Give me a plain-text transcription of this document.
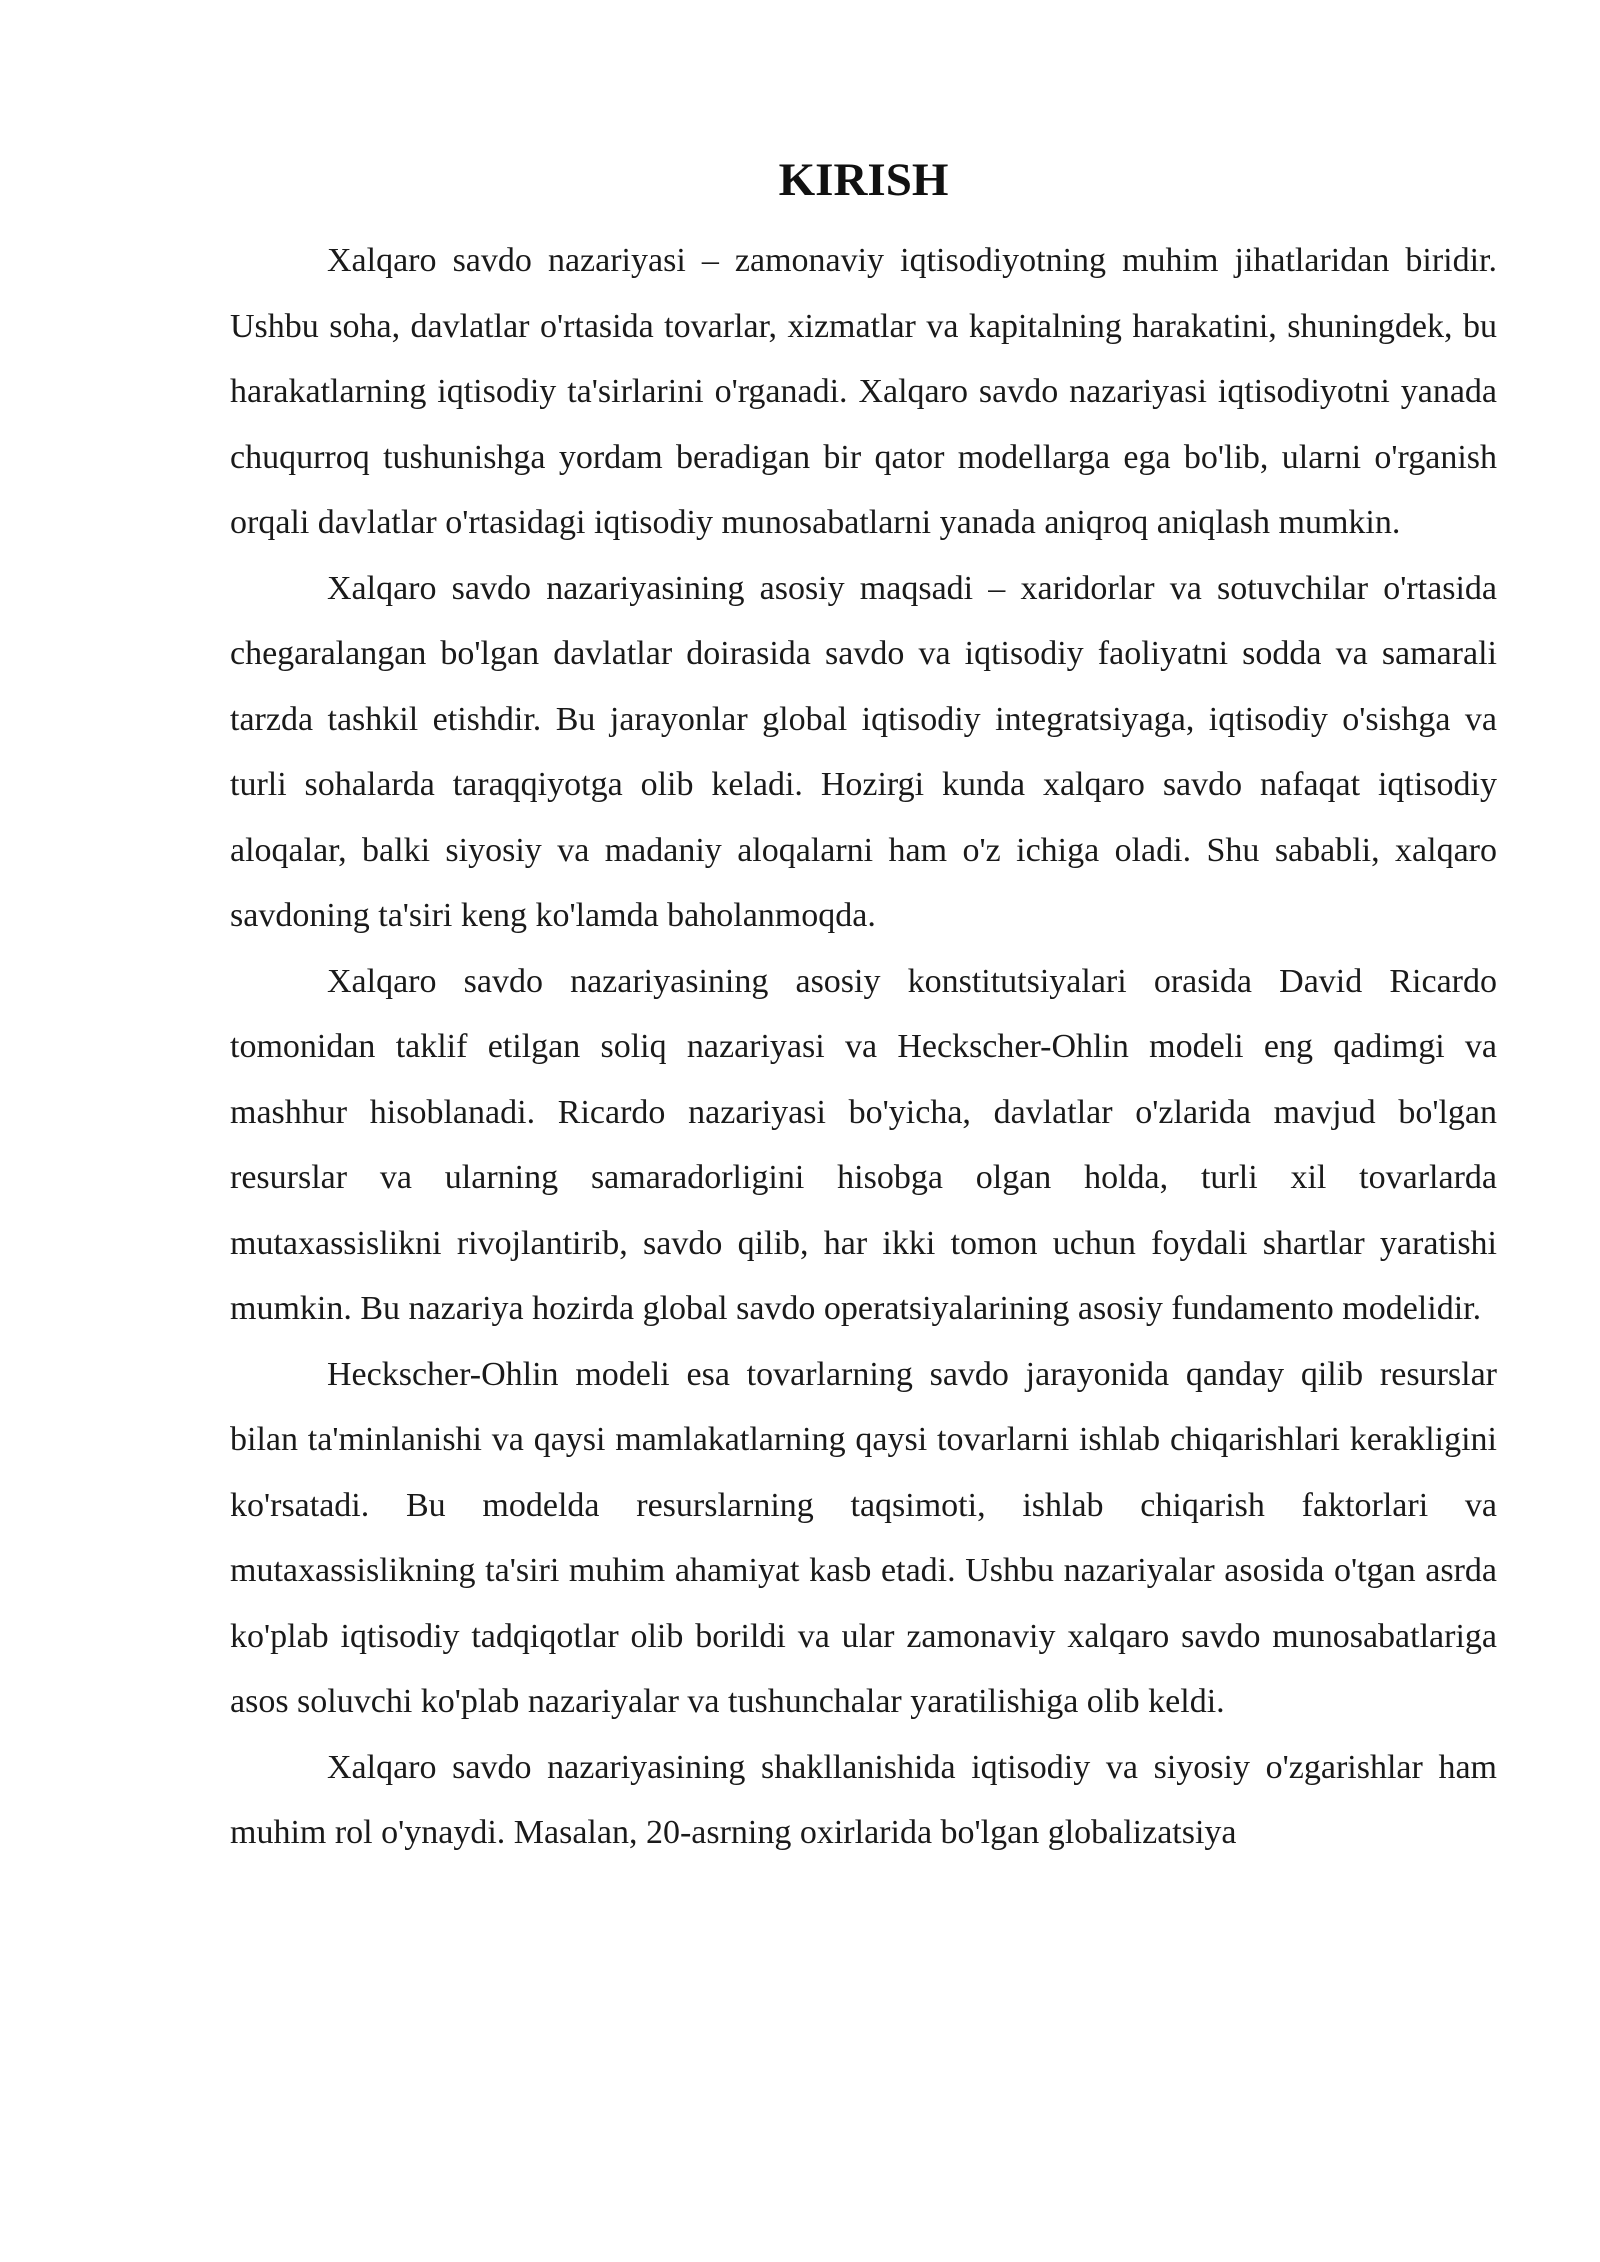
KIRISH

Xalqaro savdo nazariyasi – zamonaviy iqtisodiyotning muhim jihatlaridan biridir. Ushbu soha, davlatlar o'rtasida tovarlar, xizmatlar va kapitalning harakatini, shuningdek, bu harakatlarning iqtisodiy ta'sirlarini o'rganadi. Xalqaro savdo nazariyasi iqtisodiyotni yanada chuqurroq tushunishga yordam beradigan bir qator modellarga ega bo'lib, ularni o'rganish orqali davlatlar o'rtasidagi iqtisodiy munosabatlarni yanada aniqroq aniqlash mumkin.

Xalqaro savdo nazariyasining asosiy maqsadi – xaridorlar va sotuvchilar o'rtasida chegaralangan bo'lgan davlatlar doirasida savdo va iqtisodiy faoliyatni sodda va samarali tarzda tashkil etishdir. Bu jarayonlar global iqtisodiy integratsiyaga, iqtisodiy o'sishga va turli sohalarda taraqqiyotga olib keladi. Hozirgi kunda xalqaro savdo nafaqat iqtisodiy aloqalar, balki siyosiy va madaniy aloqalarni ham o'z ichiga oladi. Shu sababli, xalqaro savdoning ta'siri keng ko'lamda baholanmoqda.

Xalqaro savdo nazariyasining asosiy konstitutsiyalari orasida David Ricardo tomonidan taklif etilgan soliq nazariyasi va Heckscher-Ohlin modeli eng qadimgi va mashhur hisoblanadi. Ricardo nazariyasi bo'yicha, davlatlar o'zlarida mavjud bo'lgan resurslar va ularning samaradorligini hisobga olgan holda, turli xil tovarlarda mutaxassislikni rivojlantirib, savdo qilib, har ikki tomon uchun foydali shartlar yaratishi mumkin. Bu nazariya hozirda global savdo operatsiyalarining asosiy fundamento modelidir.

Heckscher-Ohlin modeli esa tovarlarning savdo jarayonida qanday qilib resurslar bilan ta'minlanishi va qaysi mamlakatlarning qaysi tovarlarni ishlab chiqarishlari kerakligini ko'rsatadi. Bu modelda resurslarning taqsimoti, ishlab chiqarish faktorlari va mutaxassislikning ta'siri muhim ahamiyat kasb etadi. Ushbu nazariyalar asosida o'tgan asrda ko'plab iqtisodiy tadqiqotlar olib borildi va ular zamonaviy xalqaro savdo munosabatlariga asos soluvchi ko'plab nazariyalar va tushunchalar yaratilishiga olib keldi.

Xalqaro savdo nazariyasining shakllanishida iqtisodiy va siyosiy o'zgarishlar ham muhim rol o'ynaydi. Masalan, 20-asrning oxirlarida bo'lgan globalizatsiya
